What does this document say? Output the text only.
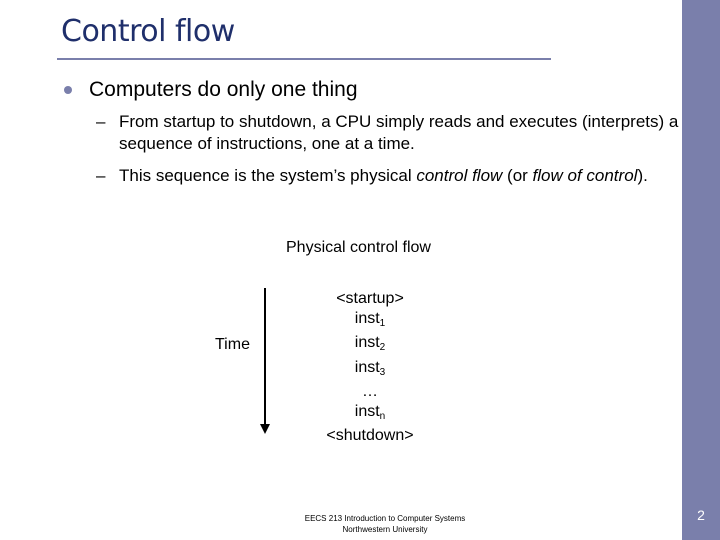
2
Control flow
Computers do only one thing
– From startup to shutdown, a CPU simply reads and executes (interprets) a sequence of instructions, one at a time.
– This sequence is the system’s physical control flow (or flow of control).
Physical control flow
Time
<startup>
inst$_1$
inst$_2$
inst$_3$
…
inst$_n$
<shutdown>
EECS 213 Introduction to Computer Systems
Northwestern University
